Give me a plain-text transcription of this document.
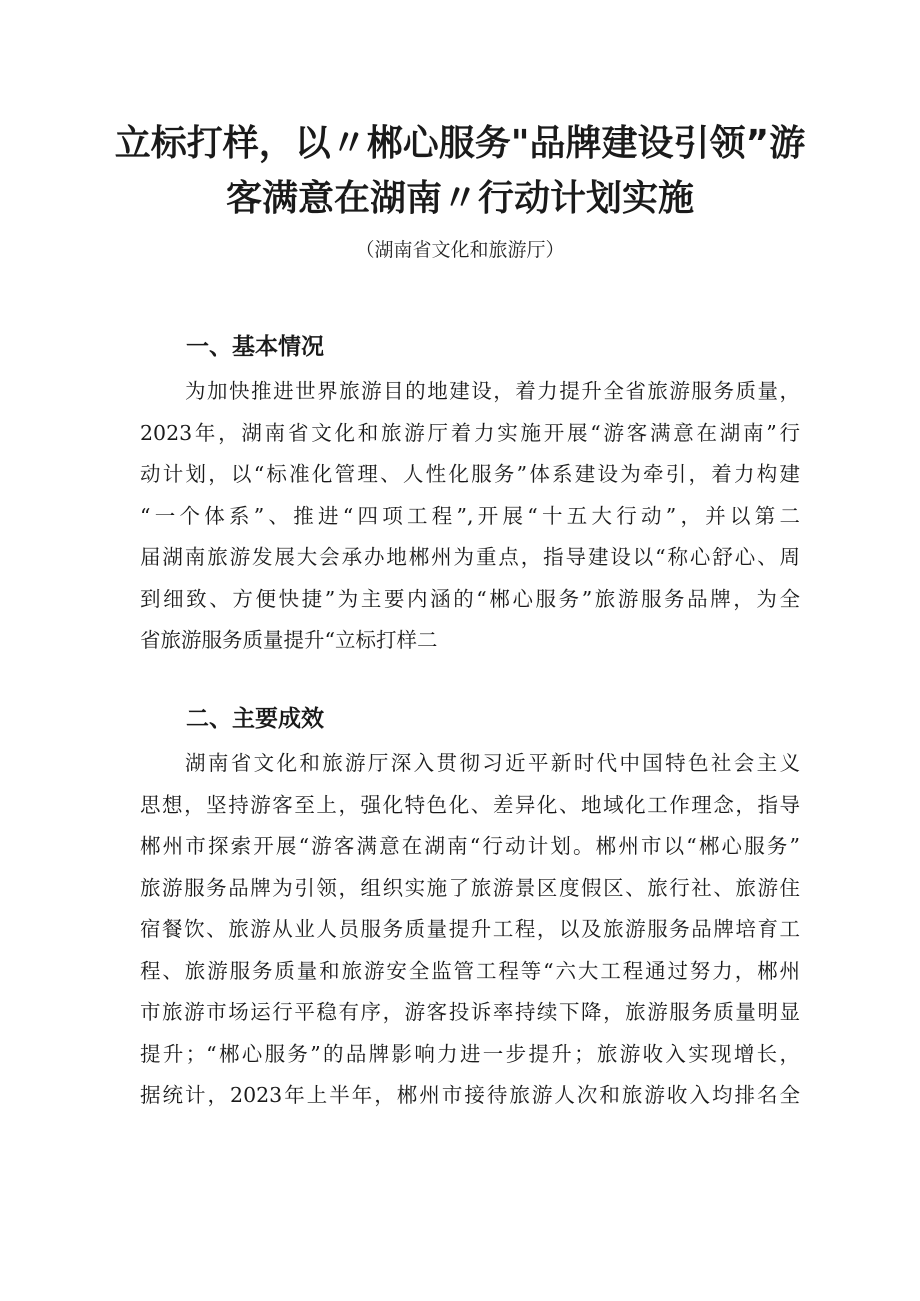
立标打样，以〃郴心服务"品牌建设引领”游
客满意在湖南〃行动计划实施
（湖南省文化和旅游厅）
一、基本情况
为加快推进世界旅游目的地建设，着力提升全省旅游服务质量，
2023年，湖南省文化和旅游厅着力实施开展“游客满意在湖南”行
动计划，以“标准化管理、人性化服务”体系建设为牵引，着力构建
“一个体系”、推进“四项工程”,开展“十五大行动”，并以第二
届湖南旅游发展大会承办地郴州为重点，指导建设以“称心舒心、周
到细致、方便快捷”为主要内涵的“郴心服务”旅游服务品牌，为全
省旅游服务质量提升“立标打样二
二、主要成效
湖南省文化和旅游厅深入贯彻习近平新时代中国特色社会主义
思想，坚持游客至上，强化特色化、差异化、地域化工作理念，指导
郴州市探索开展“游客满意在湖南“行动计划。郴州市以“郴心服务”
旅游服务品牌为引领，组织实施了旅游景区度假区、旅行社、旅游住
宿餐饮、旅游从业人员服务质量提升工程，以及旅游服务品牌培育工
程、旅游服务质量和旅游安全监管工程等“六大工程通过努力，郴州
市旅游市场运行平稳有序，游客投诉率持续下降，旅游服务质量明显
提升；“郴心服务”的品牌影响力进一步提升；旅游收入实现增长，
据统计，2023年上半年，郴州市接待旅游人次和旅游收入均排名全
